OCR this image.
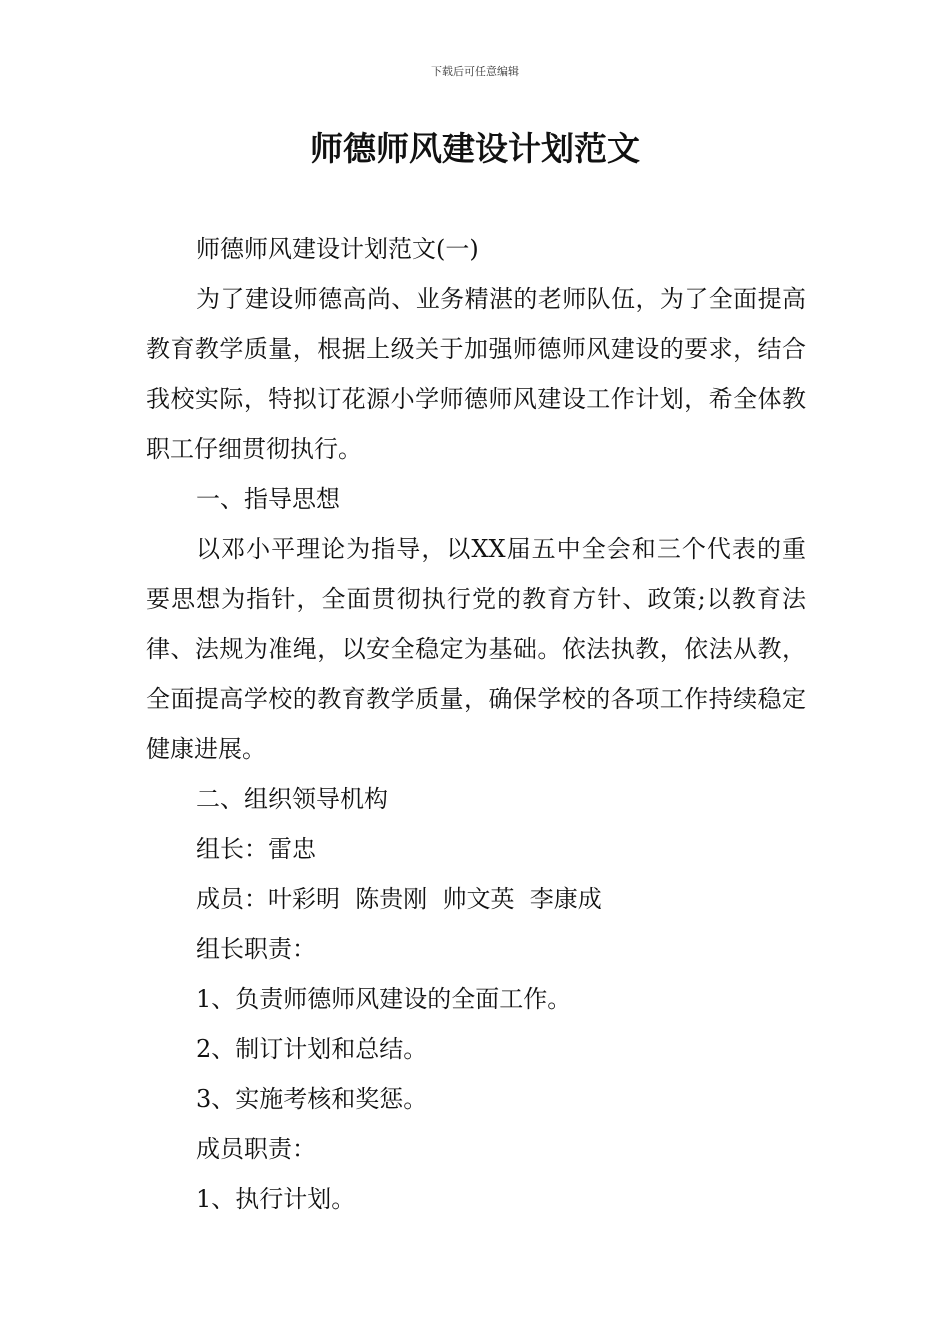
下载后可任意编辑
师德师风建设计划范文

师德师风建设计划范文(一)

为了建设师德高尚、业务精湛的老师队伍，为了全面提高教育教学质量，根据上级关于加强师德师风建设的要求，结合我校实际，特拟订花源小学师德师风建设工作计划，希全体教职工仔细贯彻执行。

一、指导思想

以邓小平理论为指导，以XX届五中全会和三个代表的重要思想为指针，全面贯彻执行党的教育方针、政策;以教育法律、法规为准绳，以安全稳定为基础。依法执教，依法从教，全面提高学校的教育教学质量，确保学校的各项工作持续稳定健康进展。

二、组织领导机构

组长：雷忠

成员：叶彩明  陈贵刚  帅文英  李康成

组长职责：

1、负责师德师风建设的全面工作。

2、制订计划和总结。

3、实施考核和奖惩。

成员职责：

1、执行计划。
